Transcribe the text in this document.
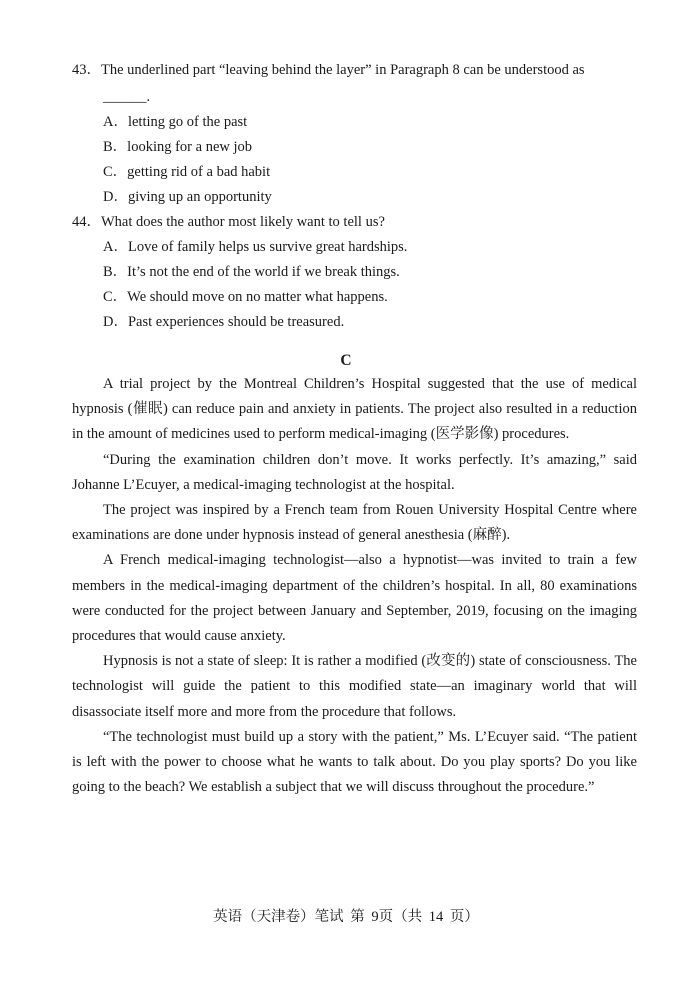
43．The underlined part “leaving behind the layer” in Paragraph 8 can be understood as
______.
A．letting go of the past
B．looking for a new job
C．getting rid of a bad habit
D．giving up an opportunity
44．What does the author most likely want to tell us?
A．Love of family helps us survive great hardships.
B．It’s not the end of the world if we break things.
C．We should move on no matter what happens.
D．Past experiences should be treasured.
C

A trial project by the Montreal Children’s Hospital suggested that the use of medical hypnosis (催眠) can reduce pain and anxiety in patients. The project also resulted in a reduction in the amount of medicines used to perform medical-imaging (医学影像) procedures.

“During the examination children don’t move. It works perfectly. It’s amazing,” said Johanne L’Ecuyer, a medical-imaging technologist at the hospital.

The project was inspired by a French team from Rouen University Hospital Centre where examinations are done under hypnosis instead of general anesthesia (麻醉).

A French medical-imaging technologist—also a hypnotist—was invited to train a few members in the medical-imaging department of the children’s hospital. In all, 80 examinations were conducted for the project between January and September, 2019, focusing on the imaging procedures that would cause anxiety.

Hypnosis is not a state of sleep: It is rather a modified (改变的) state of consciousness. The technologist will guide the patient to this modified state—an imaginary world that will disassociate itself more and more from the procedure that follows.

“The technologist must build up a story with the patient,” Ms. L’Ecuyer said. “The patient is left with the power to choose what he wants to talk about. Do you play sports? Do you like going to the beach? We establish a subject that we will discuss throughout the procedure.”

英语（天津卷）笔试 第 9页（共 14 页）
